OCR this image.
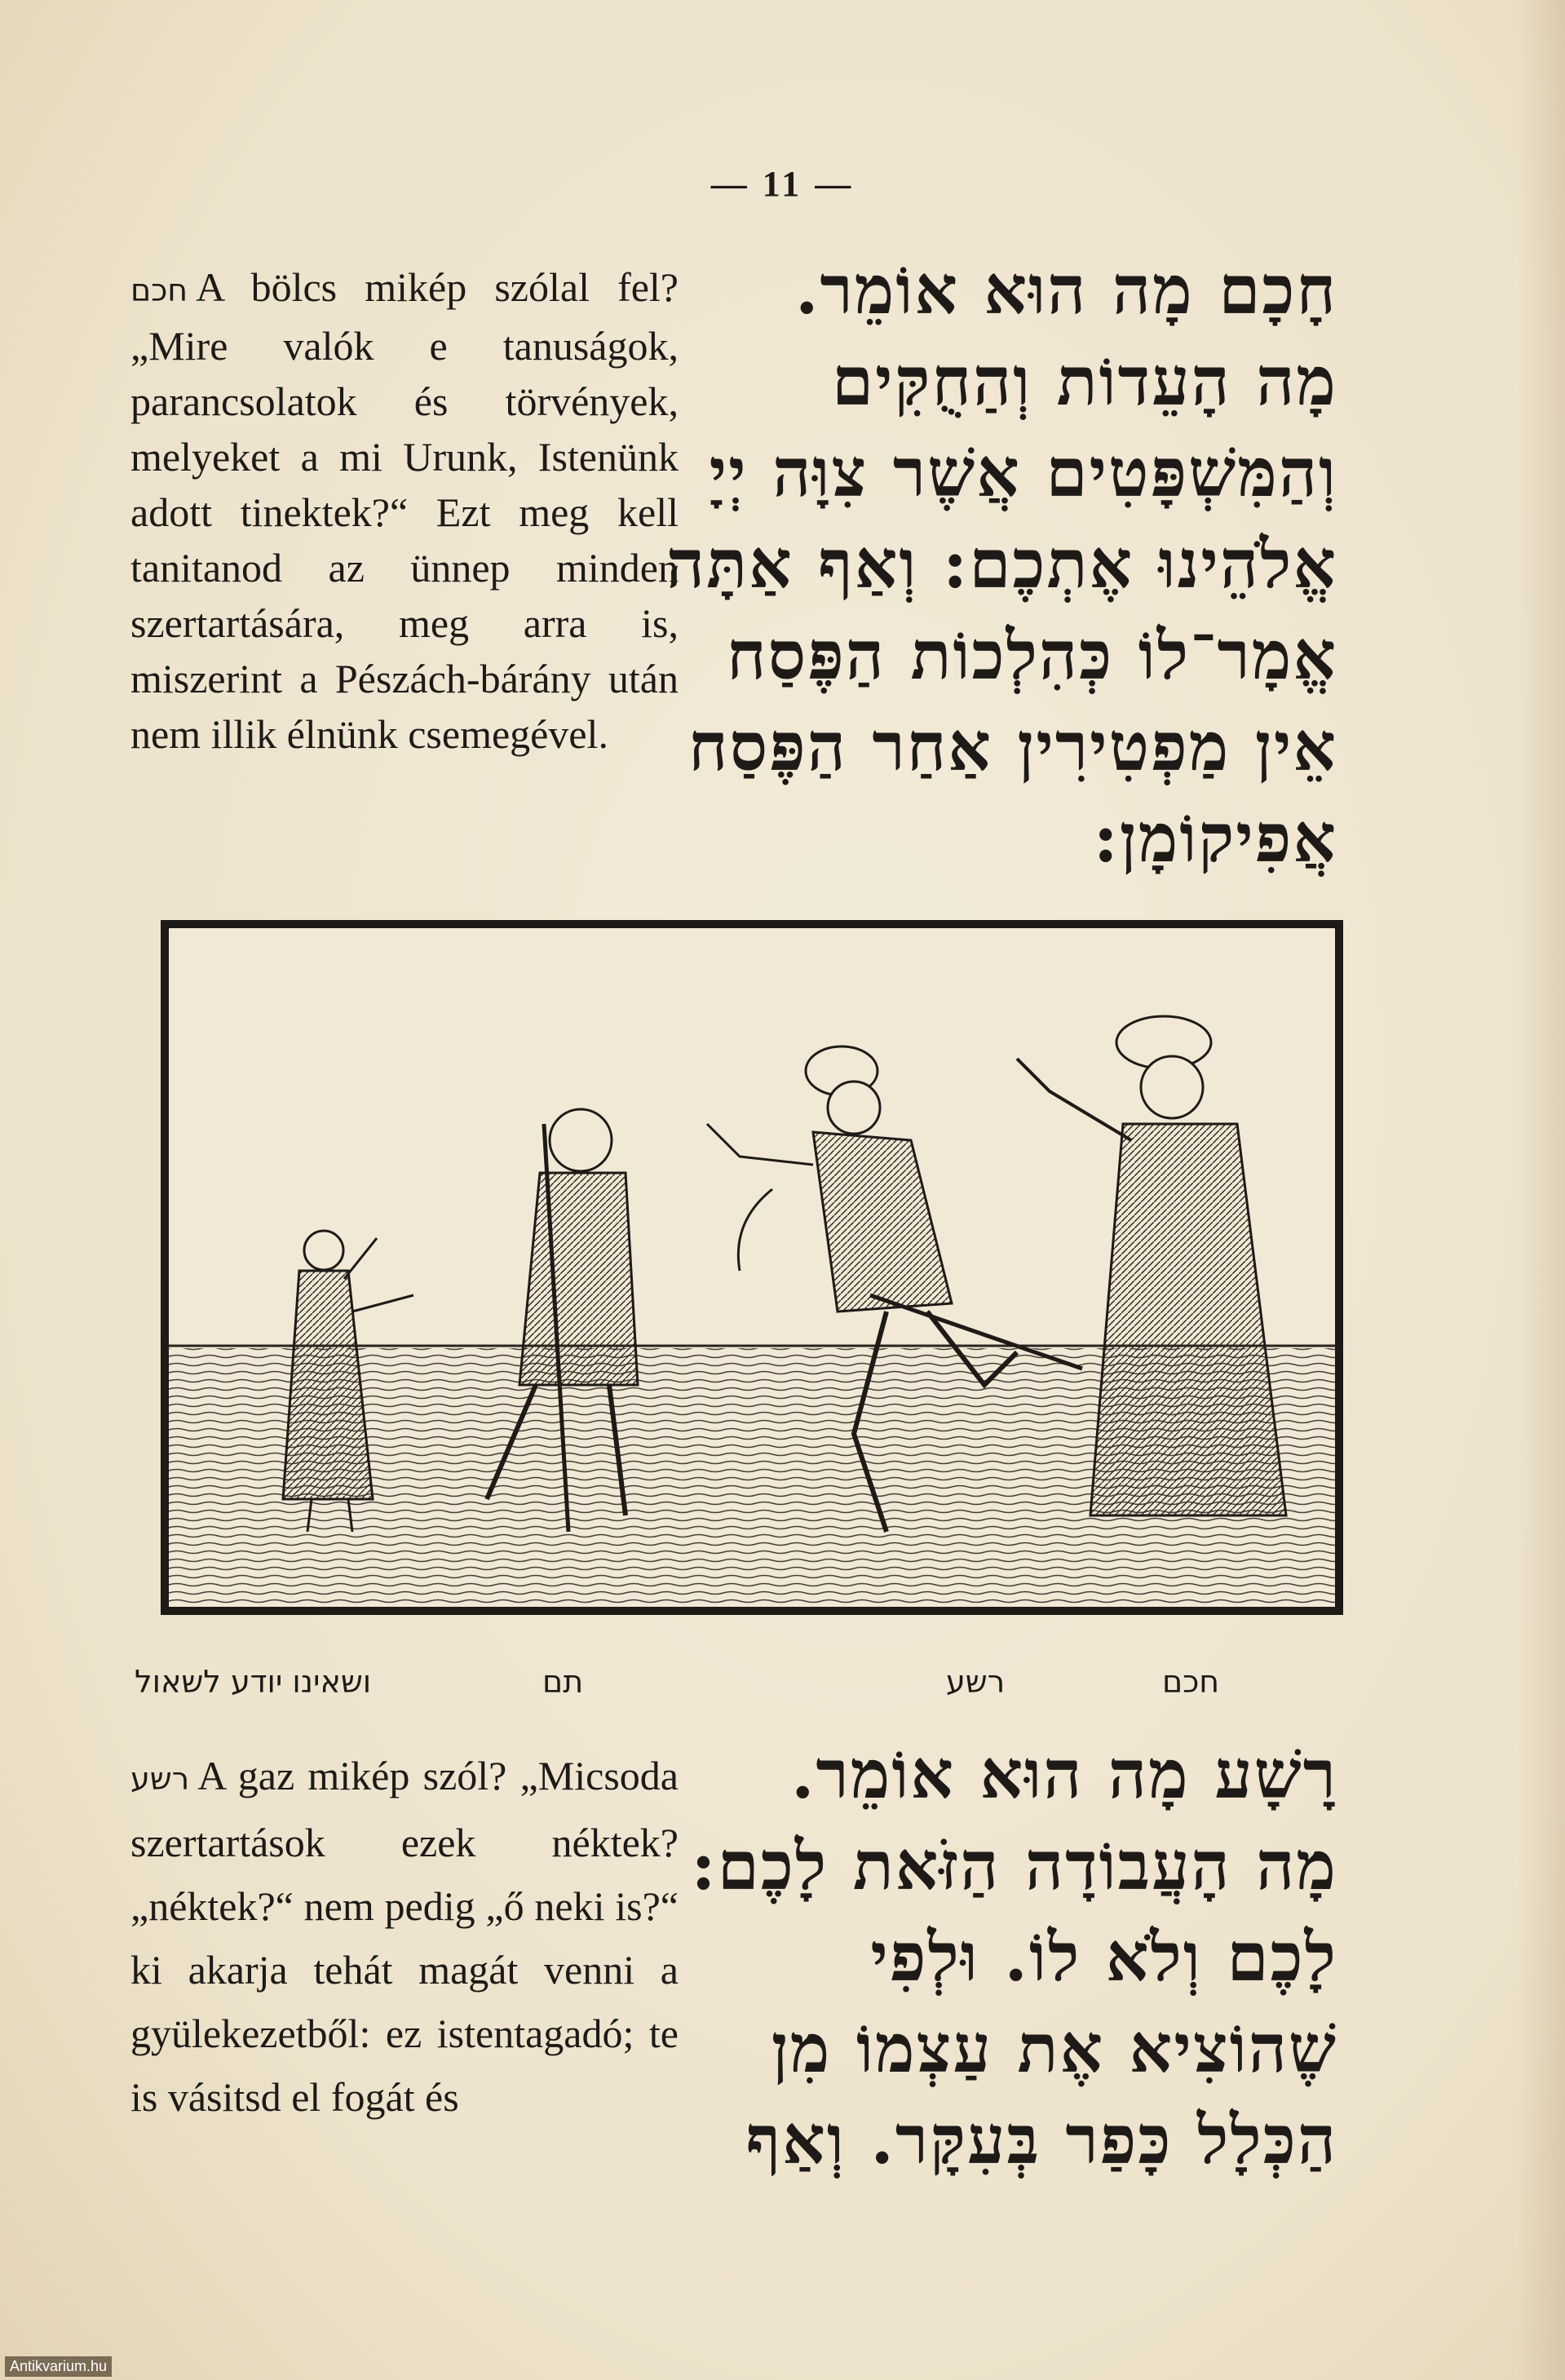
— 11 —
חכם A bölcs mikép szólal fel? „Mire valók e tanuságok, parancsolatok és törvények, melyeket a mi Urunk, Istenünk adott tinektek?“ Ezt meg kell tanitanod az ünnep minden szertartására, meg arra is, miszerint a Pészách-bárány után nem illik élnünk csemegével.
חָכָם מָה הוּא אוֹמֵר.
מָה הָעֵדוֹת וְהַחֻקִּים
וְהַמִּשְׁפָּטִים אֲשֶׁר צִוָּה יְיָ
אֱלֹהֵינוּ אֶתְכֶם: וְאַף אַתָּה
אֱמָר־לוֹ כְּהִלְכוֹת הַפֶּסַח
אֵין מַפְטִירִין אַחַר הַפֶּסַח
אֲפִיקוֹמָן:
ושאינו יודע לשאול	תם	רשע	חכם
רשע A gaz mikép szól? „Micsoda szertartások ezek néktek? „néktek?“ nem pedig „ő neki is?“ ki akarja tehát magát venni a gyülekezetből: ez istentagadó; te is vásitsd el fogát és
רָשָׁע מָה הוּא אוֹמֵר.
מָה הָעֲבוֹדָה הַזֹּאת לָכֶם:
לָכֶם וְלֹא לוֹ. וּלְפִי
שֶׁהוֹצִיא אֶת עַצְמוֹ מִן
הַכְּלָל כָּפַר בְּעִקָּר. וְאַף
Antikvarium.hu
